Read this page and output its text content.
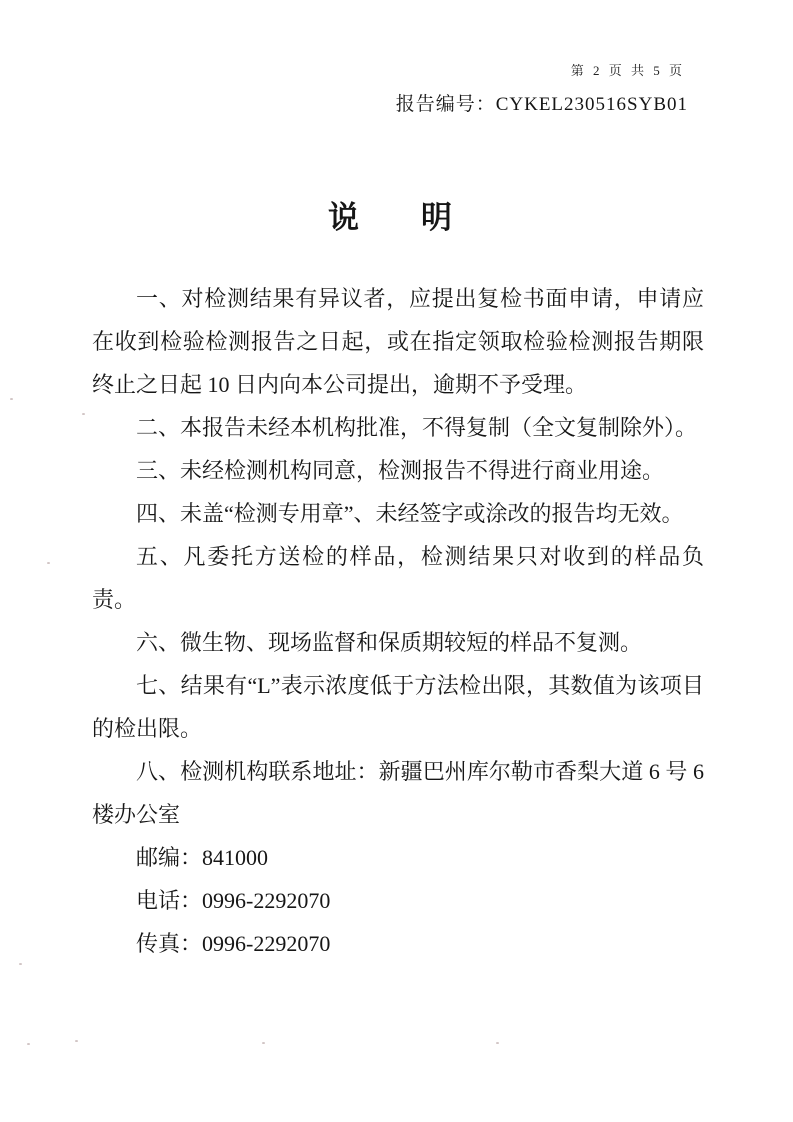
第 2 页 共 5 页
报告编号：CYKEL230516SYB01
说　　明

一、对检测结果有异议者，应提出复检书面申请，申请应在收到检验检测报告之日起，或在指定领取检验检测报告期限终止之日起 10 日内向本公司提出，逾期不予受理。

二、本报告未经本机构批准，不得复制（全文复制除外）。

三、未经检测机构同意，检测报告不得进行商业用途。

四、未盖“检测专用章”、未经签字或涂改的报告均无效。

五、凡委托方送检的样品，检测结果只对收到的样品负责。

六、微生物、现场监督和保质期较短的样品不复测。

七、结果有“L”表示浓度低于方法检出限，其数值为该项目的检出限。

八、检测机构联系地址：新疆巴州库尔勒市香梨大道 6 号 6楼办公室

邮编：841000

电话：0996-2292070

传真：0996-2292070
